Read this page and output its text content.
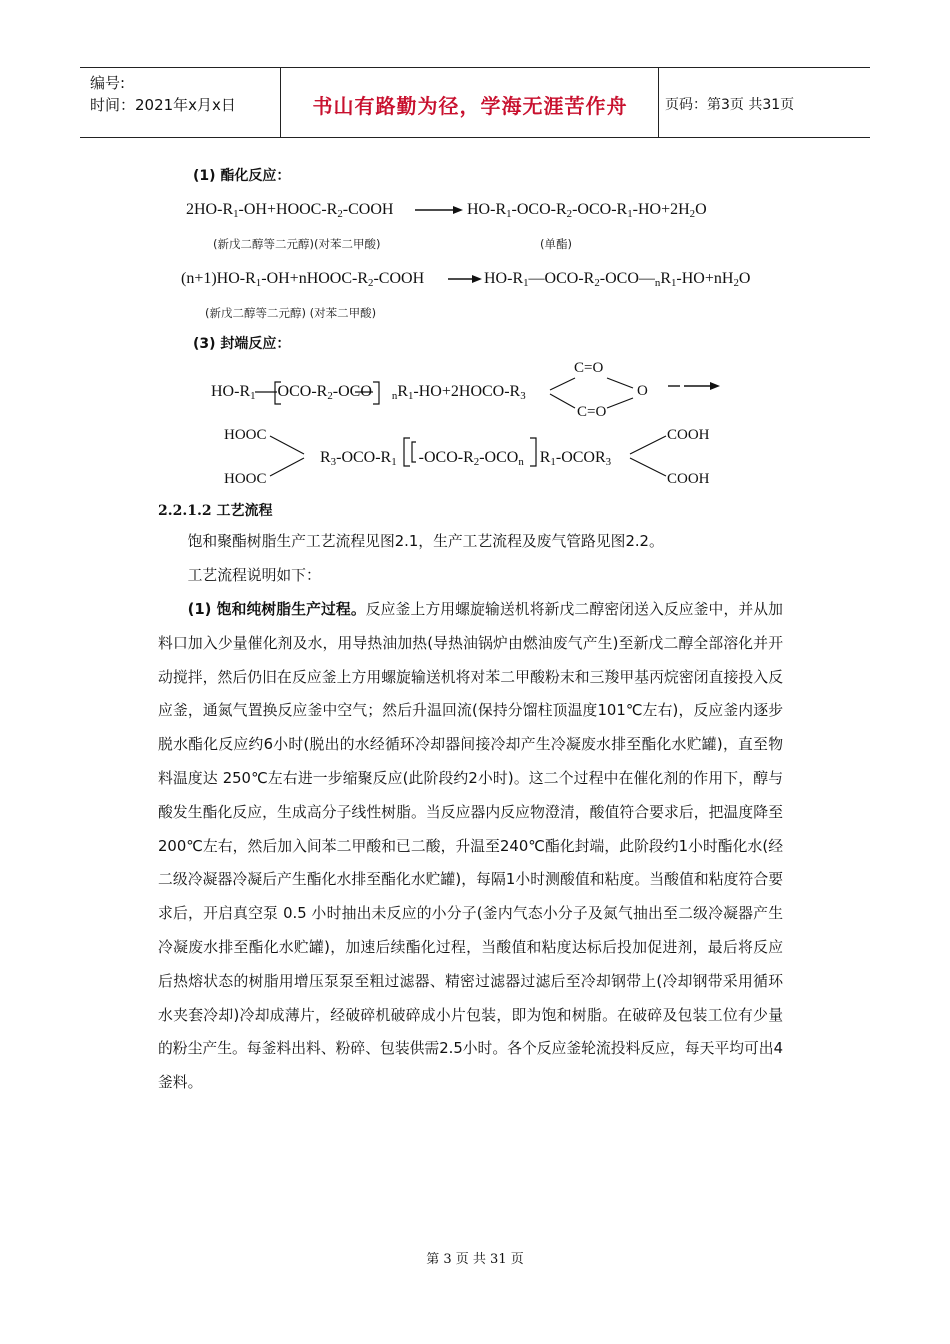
编号:
时间：2021年x月x日	书山有路勤为径，学海无涯苦作舟	页码：第3页 共31页
(1) 酯化反应：
$2HO-R_1-OH+HOOC-R_2$-COOH → $HO-R_1-OCO-R_2-OCO-R_1-HO+2H_2O$
(新戊二醇等二元醇)(对苯二甲酸)	(单酯)
$(n+1)HO-R_1-OH+nHOOC-R_2$-COOH → $HO-R_1—OCO-R_2-OCO—_nR_1-HO+nH_2O$
(新戊二醇等二元醇) (对苯二甲酸)
(3) 封端反应：
$HO-R_1$ OCO-$R_2$-OCO $_nR_1-HO+2HOCO-R_3$
C=O
O
C=O
HOOC
HOOC
$R_3-OCO-R_1$ $-OCO-R_2-OCO_n$ $R_1-OCOR_3$
COOH
COOH
2.2.1.2 工艺流程
饱和聚酯树脂生产工艺流程见图2.1，生产工艺流程及废气管路见图2.2。
工艺流程说明如下：
(1) 饱和纯树脂生产过程。反应釜上方用螺旋输送机将新戊二醇密闭送入反应釜中，并从加料口加入少量催化剂及水，用导热油加热(导热油锅炉由燃油废气产生)至新戊二醇全部溶化并开动搅拌，然后仍旧在反应釜上方用螺旋输送机将对苯二甲酸粉末和三羧甲基丙烷密闭直接投入反应釜，通氮气置换反应釜中空气；然后升温回流(保持分馏柱顶温度101℃左右)，反应釜内逐步脱水酯化反应约6小时(脱出的水经循环冷却器间接冷却产生冷凝废水排至酯化水贮罐)，直至物料温度达 250℃左右进一步缩聚反应(此阶段约2小时)。这二个过程中在催化剂的作用下，醇与酸发生酯化反应，生成高分子线性树脂。当反应器内反应物澄清，酸值符合要求后，把温度降至200℃左右，然后加入间苯二甲酸和已二酸，升温至240℃酯化封端，此阶段约1小时酯化水(经二级冷凝器冷凝后产生酯化水排至酯化水贮罐)，每隔1小时测酸值和粘度。当酸值和粘度符合要求后，开启真空泵 0.5 小时抽出未反应的小分子(釜内气态小分子及氮气抽出至二级冷凝器产生冷凝废水排至酯化水贮罐)，加速后续酯化过程，当酸值和粘度达标后投加促进剂，最后将反应后热熔状态的树脂用增压泵泵至粗过滤器、精密过滤器过滤后至冷却钢带上(冷却钢带采用循环水夹套冷却)冷却成薄片，经破碎机破碎成小片包装，即为饱和树脂。在破碎及包装工位有少量的粉尘产生。每釜料出料、粉碎、包装供需2.5小时。各个反应釜轮流投料反应，每天平均可出4釜料。
第 3 页 共 31 页
